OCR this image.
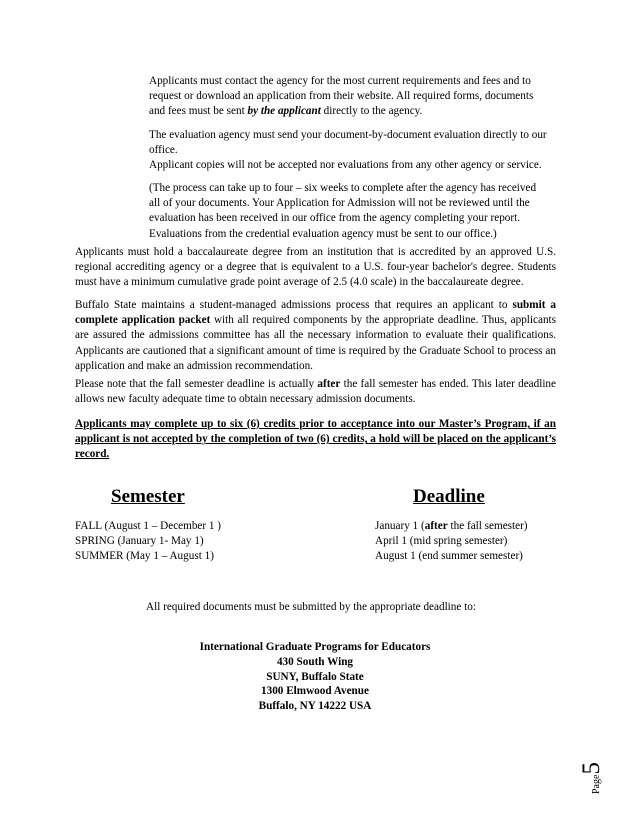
Applicants must contact the agency for the most current requirements and fees and to request or download an application from their website. All required forms, documents and fees must be sent by the applicant directly to the agency.

The evaluation agency must send your document-by-document evaluation directly to our office.
Applicant copies will not be accepted nor evaluations from any other agency or service.

(The process can take up to four – six weeks to complete after the agency has received all of your documents. Your Application for Admission will not be reviewed until the evaluation has been received in our office from the agency completing your report. Evaluations from the credential evaluation agency must be sent to our office.)

Applicants must hold a baccalaureate degree from an institution that is accredited by an approved U.S. regional accrediting agency or a degree that is equivalent to a U.S. four-year bachelor's degree. Students must have a minimum cumulative grade point average of 2.5 (4.0 scale) in the baccalaureate degree.

Buffalo State maintains a student-managed admissions process that requires an applicant to submit a complete application packet with all required components by the appropriate deadline. Thus, applicants are assured the admissions committee has all the necessary information to evaluate their qualifications. Applicants are cautioned that a significant amount of time is required by the Graduate School to process an application and make an admission recommendation.

Please note that the fall semester deadline is actually after the fall semester has ended. This later deadline allows new faculty adequate time to obtain necessary admission documents.

Applicants may complete up to six (6) credits prior to acceptance into our Master’s Program, if an applicant is not accepted by the completion of two (6) credits, a hold will be placed on the applicant’s record.

Semester	Deadline
FALL (August 1 – December 1 )
SPRING (January 1- May 1)
SUMMER (May 1 – August 1)
January 1 (after the fall semester)
April 1 (mid spring semester)
August 1 (end summer semester)
All required documents must be submitted by the appropriate deadline to:
International Graduate Programs for Educators
430 South Wing
SUNY, Buffalo State
1300 Elmwood Avenue
Buffalo, NY 14222 USA
Page5
